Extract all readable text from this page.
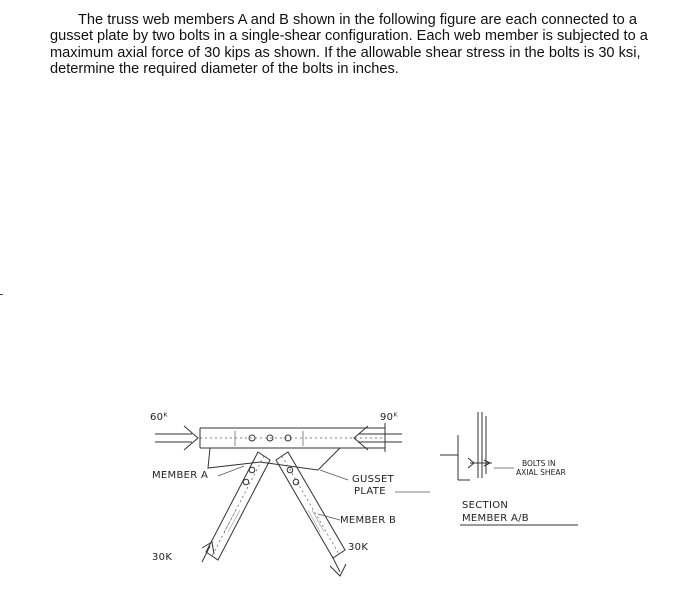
The truss web members A and B shown in the following figure are each connected to a gusset plate by two bolts in a single-shear configuration. Each web member is subjected to a maximum axial force of 30 kips as shown. If the allowable shear stress in the bolts is 30 ksi, determine the required diameter of the bolts in inches.

60ᴷ	90ᴷ
MEMBER A	GUSSET
PLATE
MEMBER B
30K
30K
BOLTS IN
AXIAL SHEAR
SECTION
MEMBER A/B
